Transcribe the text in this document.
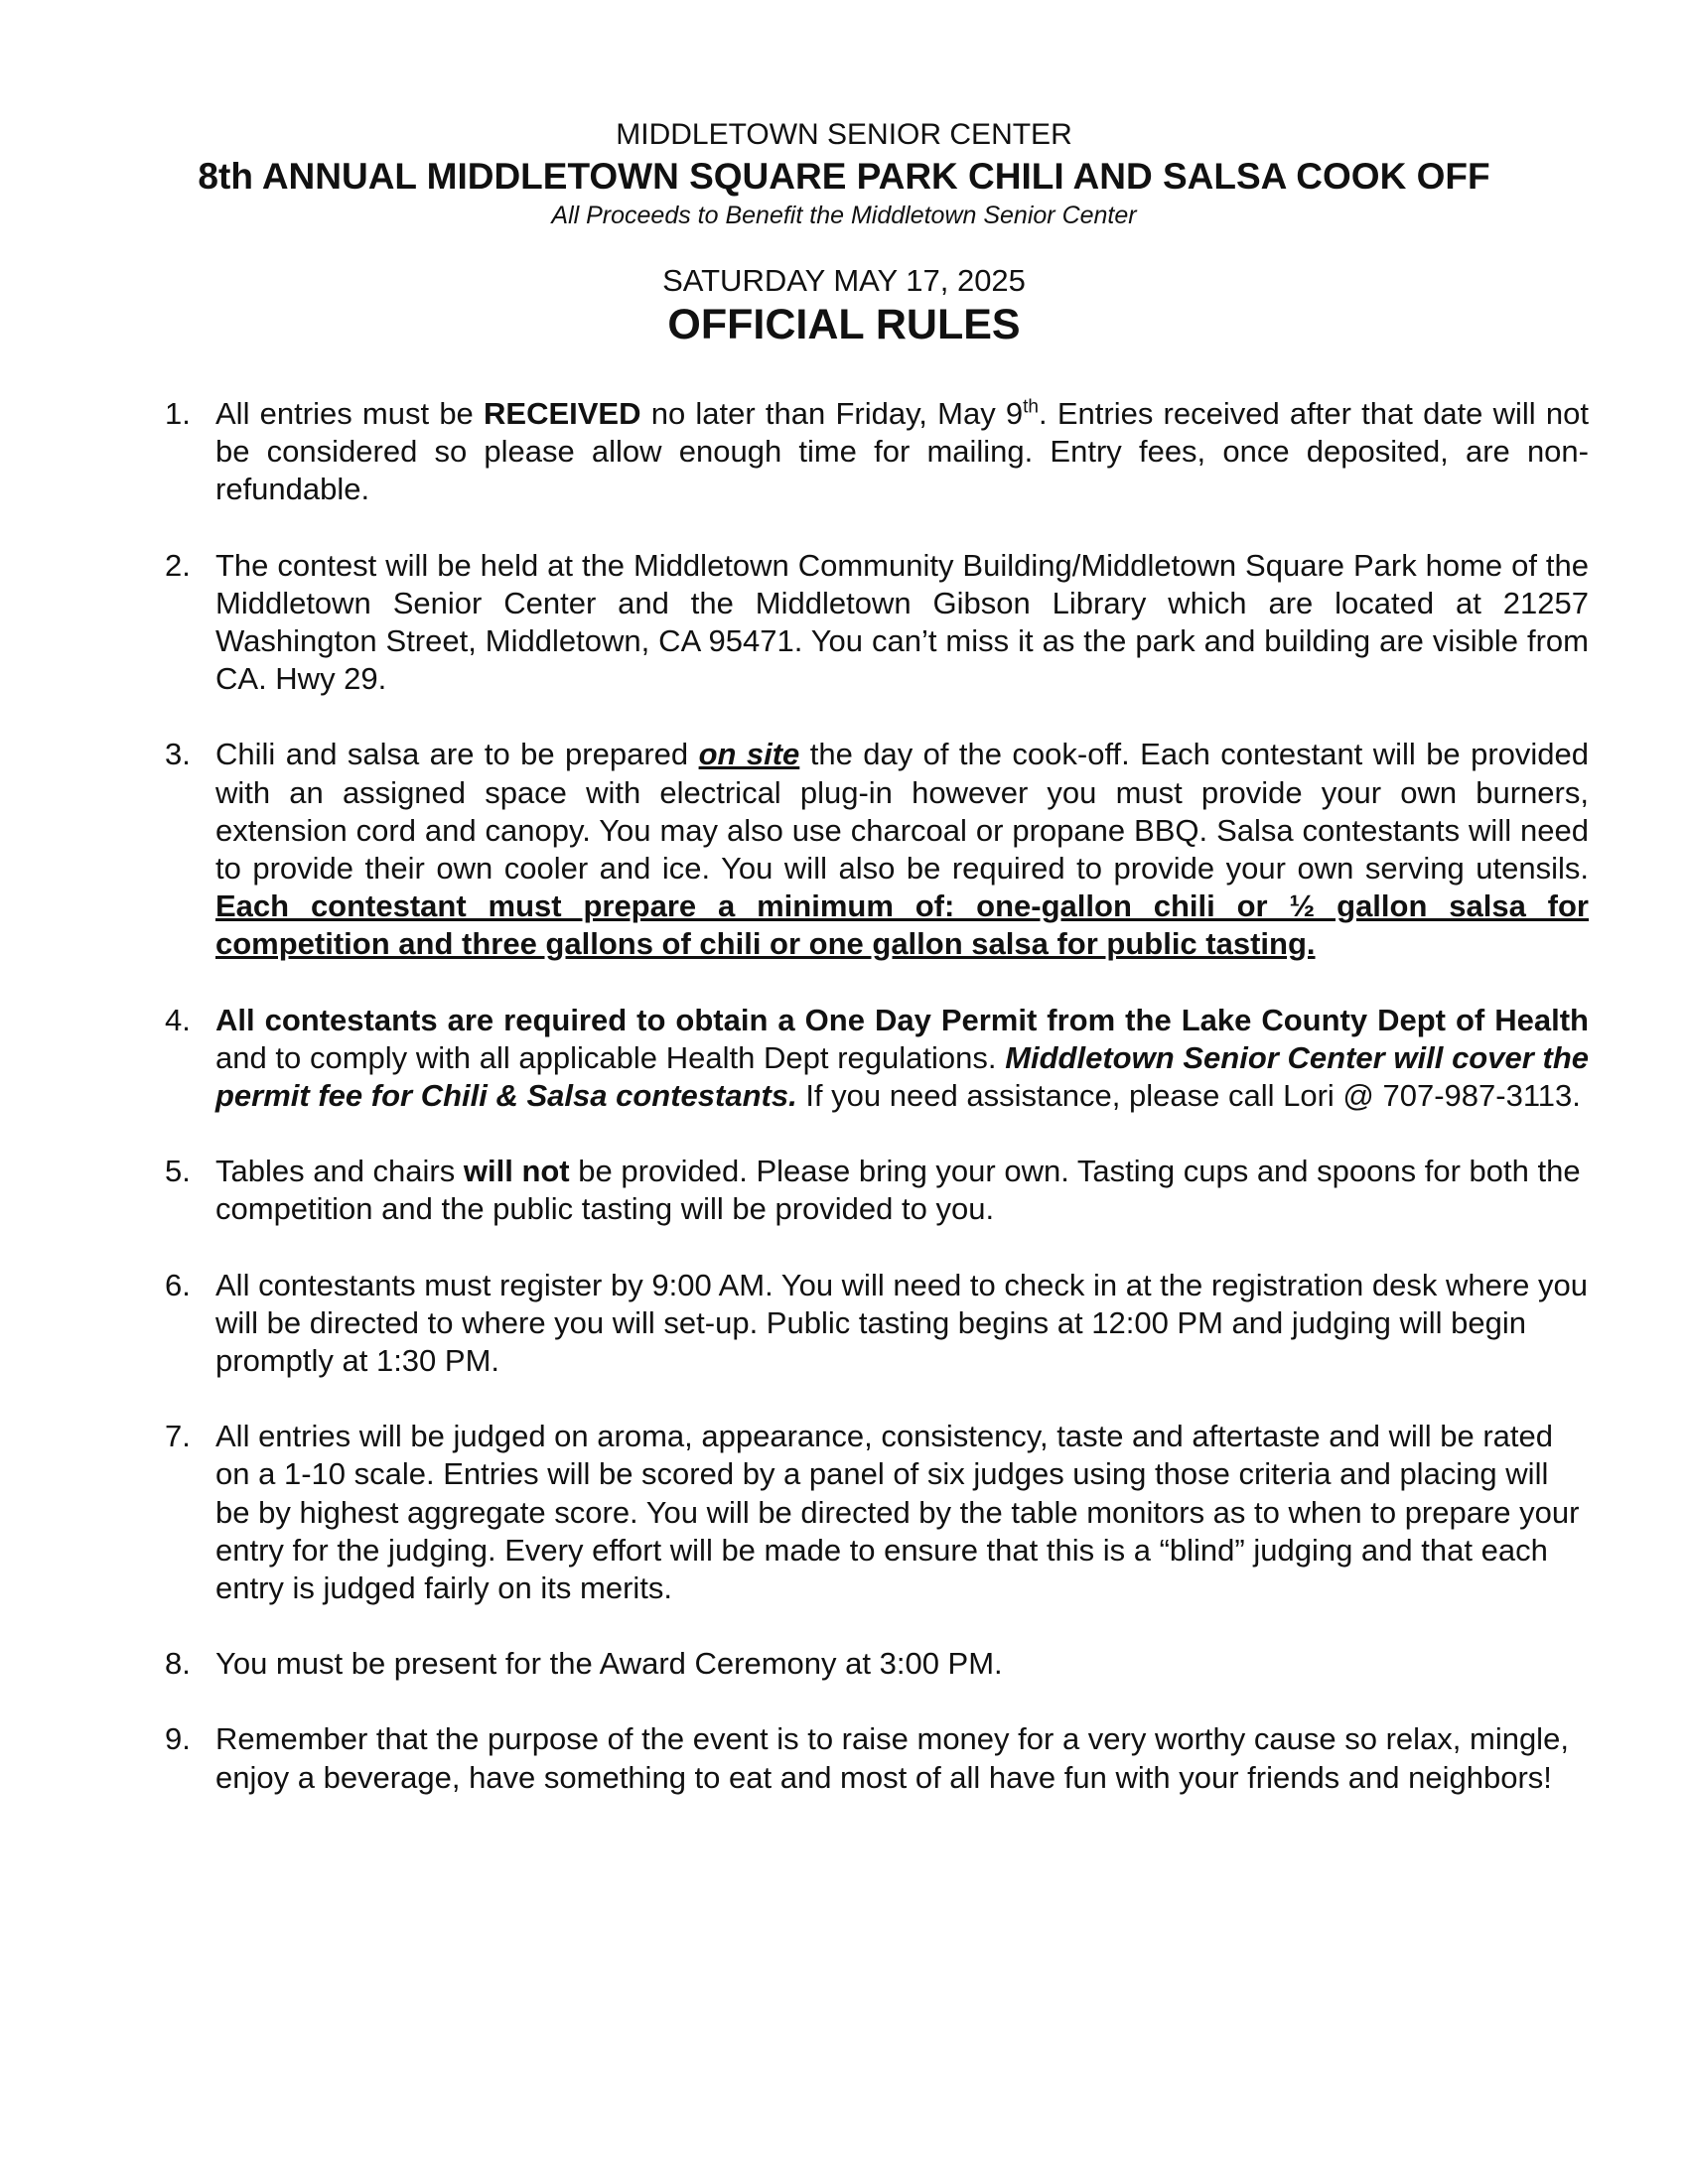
MIDDLETOWN SENIOR CENTER
8th ANNUAL MIDDLETOWN SQUARE PARK CHILI AND SALSA COOK OFF
All Proceeds to Benefit the Middletown Senior Center
SATURDAY MAY 17, 2025
OFFICIAL RULES
1. All entries must be RECEIVED no later than Friday, May 9th. Entries received after that date will not be considered so please allow enough time for mailing. Entry fees, once deposited, are non-refundable.
2. The contest will be held at the Middletown Community Building/Middletown Square Park home of the Middletown Senior Center and the Middletown Gibson Library which are located at 21257 Washington Street, Middletown, CA 95471. You can’t miss it as the park and building are visible from CA. Hwy 29.
3. Chili and salsa are to be prepared on site the day of the cook-off. Each contestant will be provided with an assigned space with electrical plug-in however you must provide your own burners, extension cord and canopy. You may also use charcoal or propane BBQ. Salsa contestants will need to provide their own cooler and ice. You will also be required to provide your own serving utensils. Each contestant must prepare a minimum of: one-gallon chili or ½ gallon salsa for competition and three gallons of chili or one gallon salsa for public tasting.
4. All contestants are required to obtain a One Day Permit from the Lake County Dept of Health and to comply with all applicable Health Dept regulations. Middletown Senior Center will cover the permit fee for Chili & Salsa contestants. If you need assistance, please call Lori @ 707-987-3113.
5. Tables and chairs will not be provided. Please bring your own. Tasting cups and spoons for both the competition and the public tasting will be provided to you.
6. All contestants must register by 9:00 AM. You will need to check in at the registration desk where you will be directed to where you will set-up. Public tasting begins at 12:00 PM and judging will begin promptly at 1:30 PM.
7. All entries will be judged on aroma, appearance, consistency, taste and aftertaste and will be rated on a 1-10 scale. Entries will be scored by a panel of six judges using those criteria and placing will be by highest aggregate score. You will be directed by the table monitors as to when to prepare your entry for the judging. Every effort will be made to ensure that this is a “blind” judging and that each entry is judged fairly on its merits.
8. You must be present for the Award Ceremony at 3:00 PM.
9. Remember that the purpose of the event is to raise money for a very worthy cause so relax, mingle, enjoy a beverage, have something to eat and most of all have fun with your friends and neighbors!
